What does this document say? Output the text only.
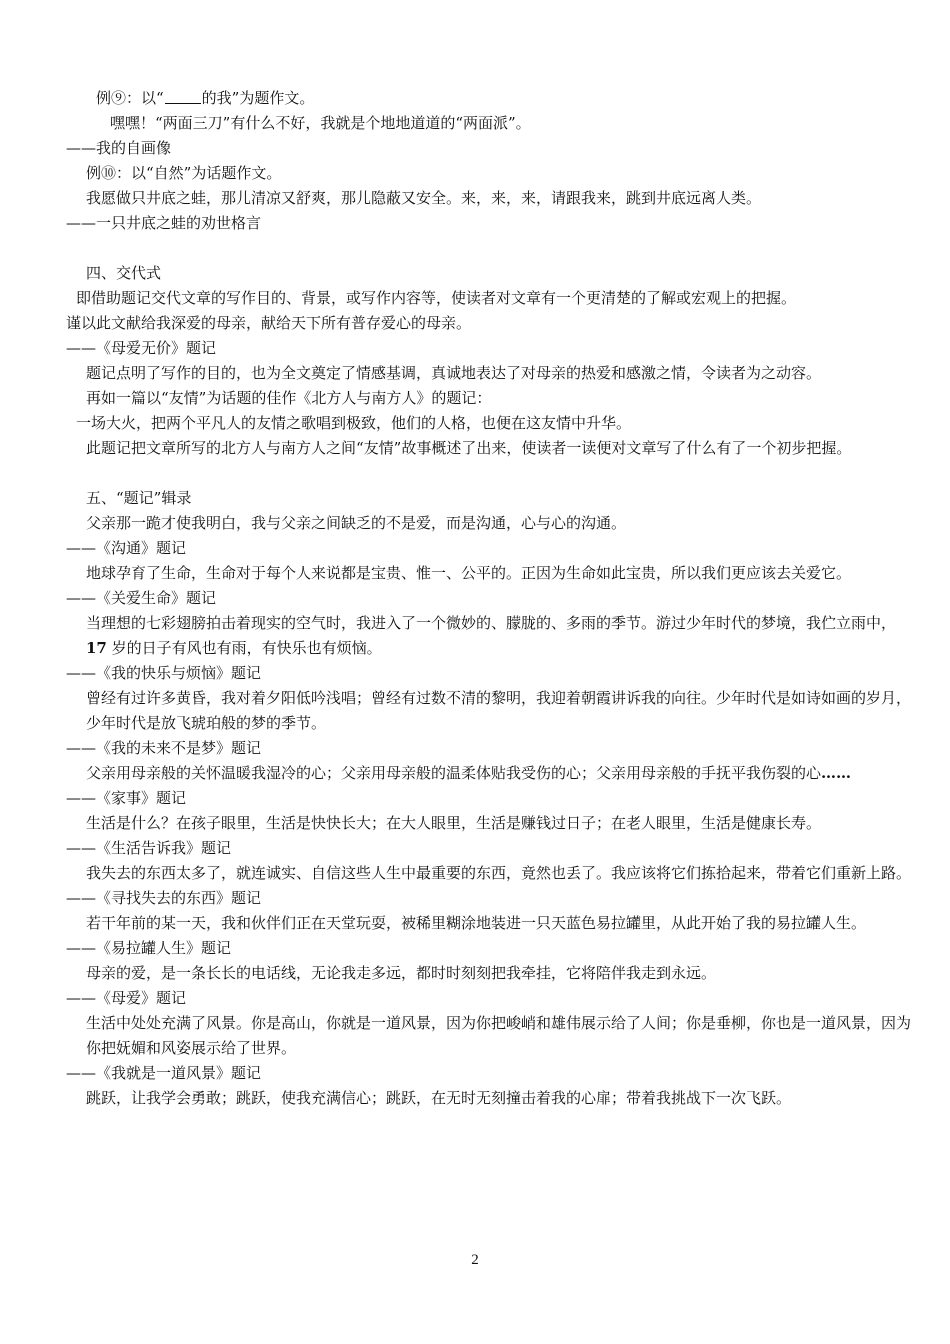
例⑨：以“	的我”为题作文。

嘿嘿！“两面三刀”有什么不好，我就是个地地道道的“两面派”。

——我的自画像

例⑩：以“自然”为话题作文。

我愿做只井底之蛙，那儿清凉又舒爽，那儿隐蔽又安全。来，来，来，请跟我来，跳到井底远离人类。

——一只井底之蛙的劝世格言

四、交代式

即借助题记交代文章的写作目的、背景，或写作内容等，使读者对文章有一个更清楚的了解或宏观上的把握。

谨以此文献给我深爱的母亲，献给天下所有普存爱心的母亲。

——《母爱无价》题记

题记点明了写作的目的，也为全文奠定了情感基调，真诚地表达了对母亲的热爱和感激之情，令读者为之动容。

再如一篇以“友情”为话题的佳作《北方人与南方人》的题记：

一场大火，把两个平凡人的友情之歌唱到极致，他们的人格，也便在这友情中升华。

此题记把文章所写的北方人与南方人之间“友情”故事概述了出来，使读者一读便对文章写了什么有了一个初步把握。

五、“题记”辑录

父亲那一跪才使我明白，我与父亲之间缺乏的不是爱，而是沟通，心与心的沟通。

——《沟通》题记

地球孕育了生命，生命对于每个人来说都是宝贵、惟一、公平的。正因为生命如此宝贵，所以我们更应该去关爱它。

——《关爱生命》题记

当理想的七彩翅膀拍击着现实的空气时，我进入了一个微妙的、朦胧的、多雨的季节。游过少年时代的梦境，我伫立雨中，17 岁的日子有风也有雨，有快乐也有烦恼。

——《我的快乐与烦恼》题记

曾经有过许多黄昏，我对着夕阳低吟浅唱；曾经有过数不清的黎明，我迎着朝霞讲诉我的向往。少年时代是如诗如画的岁月，少年时代是放飞琥珀般的梦的季节。

——《我的未来不是梦》题记

父亲用母亲般的关怀温暖我湿冷的心；父亲用母亲般的温柔体贴我受伤的心；父亲用母亲般的手抚平我伤裂的心……

——《家事》题记

生活是什么？在孩子眼里，生活是快快长大；在大人眼里，生活是赚钱过日子；在老人眼里，生活是健康长寿。

——《生活告诉我》题记

我失去的东西太多了，就连诚实、自信这些人生中最重要的东西，竟然也丢了。我应该将它们拣拾起来，带着它们重新上路。

——《寻找失去的东西》题记

若干年前的某一天，我和伙伴们正在天堂玩耍，被稀里糊涂地装进一只天蓝色易拉罐里，从此开始了我的易拉罐人生。

——《易拉罐人生》题记

母亲的爱，是一条长长的电话线，无论我走多远，都时时刻刻把我牵挂，它将陪伴我走到永远。

——《母爱》题记

生活中处处充满了风景。你是高山，你就是一道风景，因为你把峻峭和雄伟展示给了人间；你是垂柳，你也是一道风景，因为你把妩媚和风姿展示给了世界。

——《我就是一道风景》题记

跳跃，让我学会勇敢；跳跃，使我充满信心；跳跃，在无时无刻撞击着我的心扉；带着我挑战下一次飞跃。

2
